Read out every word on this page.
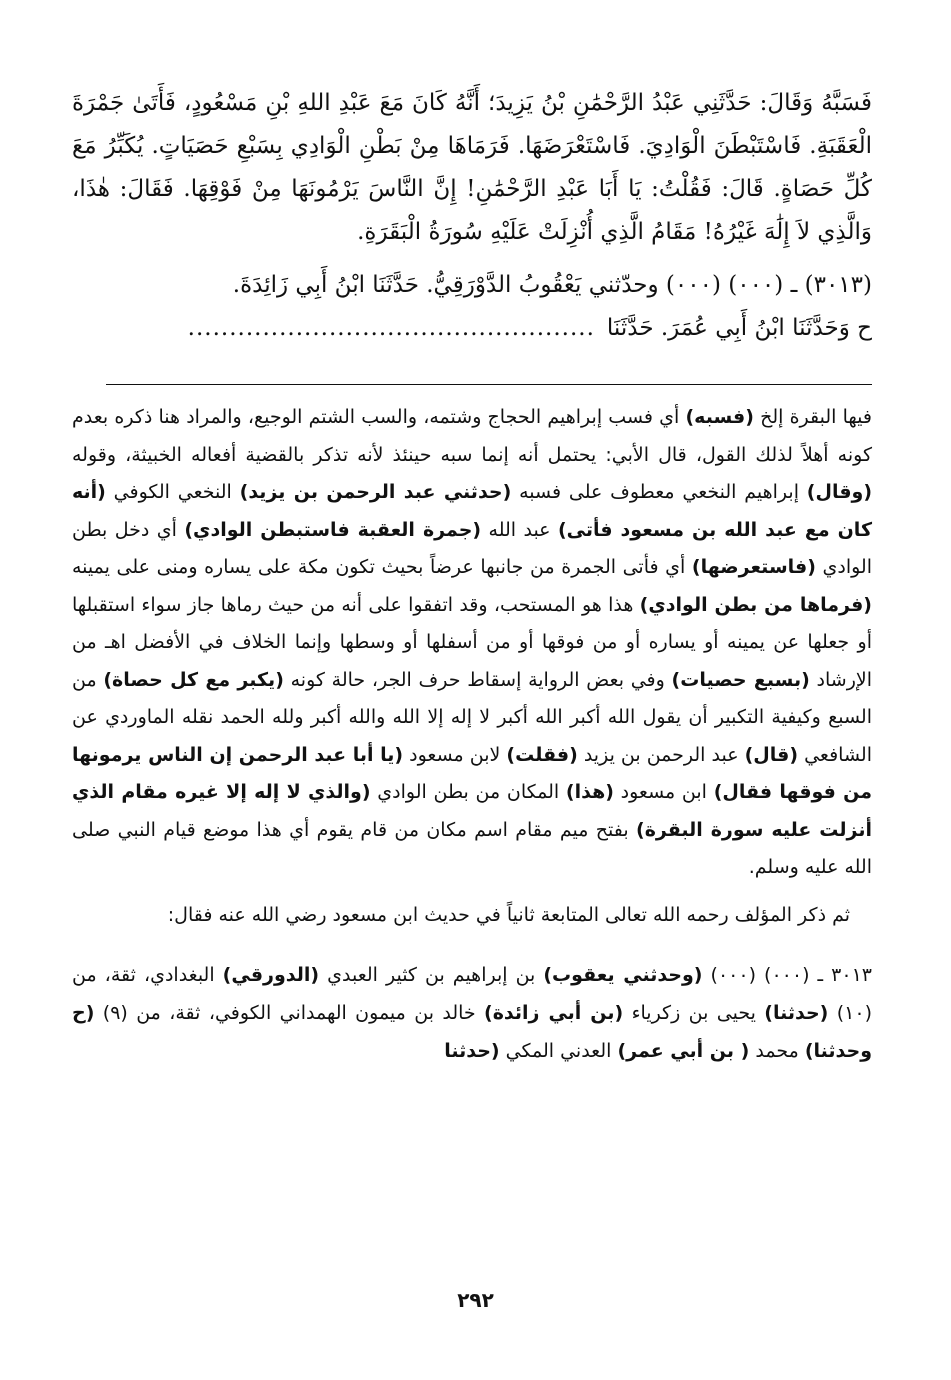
فَسَبَّهُ وَقَالَ: حَدَّثَنِي عَبْدُ الرَّحْمَٰنِ بْنُ يَزِيدَ؛ أَنَّهُ كَانَ مَعَ عَبْدِ اللهِ بْنِ مَسْعُودٍ، فَأَتَىٰ جَمْرَةَ الْعَقَبَةِ. فَاسْتَبْطَنَ الْوَادِيَ. فَاسْتَعْرَضَهَا. فَرَمَاهَا مِنْ بَطْنِ الْوَادِي بِسَبْعِ حَصَيَاتٍ. يُكَبِّرُ مَعَ كُلِّ حَصَاةٍ. قَالَ: فَقُلْتُ: يَا أَبَا عَبْدِ الرَّحْمَٰنِ! إِنَّ النَّاسَ يَرْمُونَهَا مِنْ فَوْقِهَا. فَقَالَ: هٰذَا، وَالَّذِي لاَ إِلَٰهَ غَيْرُهُ! مَقَامُ الَّذِي أُنْزِلَتْ عَلَيْهِ سُورَةُ الْبَقَرَةِ.

(٣٠١٣) ـ (٠٠٠) (٠٠٠) وحدّثني يَعْقُوبُ الدَّوْرَقِيُّ. حَدَّثَنَا ابْنُ أَبِي زَائِدَةَ.
ح وَحَدَّثَنَا ابْنُ أَبِي عُمَرَ. حَدَّثَنَا.................................................

فيها البقرة إلخ (فسبه) أي فسب إبراهيم الحجاج وشتمه، والسب الشتم الوجيع، والمراد هنا ذكره بعدم كونه أهلاً لذلك القول، قال الأبي: يحتمل أنه إنما سبه حينئذ لأنه تذكر بالقضية أفعاله الخبيثة، وقوله (وقال) إبراهيم النخعي معطوف على فسبه (حدثني عبد الرحمن بن يزيد) النخعي الكوفي (أنه كان مع عبد الله بن مسعود فأتى) عبد الله (جمرة العقبة فاستبطن الوادي) أي دخل بطن الوادي (فاستعرضها) أي فأتى الجمرة من جانبها عرضاً بحيث تكون مكة على يساره ومنى على يمينه (فرماها من بطن الوادي) هذا هو المستحب، وقد اتفقوا على أنه من حيث رماها جاز سواء استقبلها أو جعلها عن يمينه أو يساره أو من فوقها أو من أسفلها أو وسطها وإنما الخلاف في الأفضل اهـ من الإرشاد (بسبع حصيات) وفي بعض الرواية إسقاط حرف الجر، حالة كونه (يكبر مع كل حصاة) من السبع وكيفية التكبير أن يقول الله أكبر الله أكبر لا إله إلا الله والله أكبر ولله الحمد نقله الماوردي عن الشافعي (قال) عبد الرحمن بن يزيد (فقلت) لابن مسعود (يا أبا عبد الرحمن إن الناس يرمونها من فوقها فقال) ابن مسعود (هذا) المكان من بطن الوادي (والذي لا إله إلا غيره مقام الذي أنزلت عليه سورة البقرة) بفتح ميم مقام اسم مكان من قام يقوم أي هذا موضع قيام النبي صلى الله عليه وسلم.

ثم ذكر المؤلف رحمه الله تعالى المتابعة ثانياً في حديث ابن مسعود رضي الله عنه فقال:

٣٠١٣ ـ (٠٠٠) (٠٠٠) (وحدثني يعقوب) بن إبراهيم بن كثير العبدي (الدورقي) البغدادي، ثقة، من (١٠) (حدثنا) يحيى بن زكرياء (بن أبي زائدة) خالد بن ميمون الهمداني الكوفي، ثقة، من (٩) (ح وحدثنا) محمد ( بن أبي عمر) العدني المكي (حدثنا

٢٩٢
